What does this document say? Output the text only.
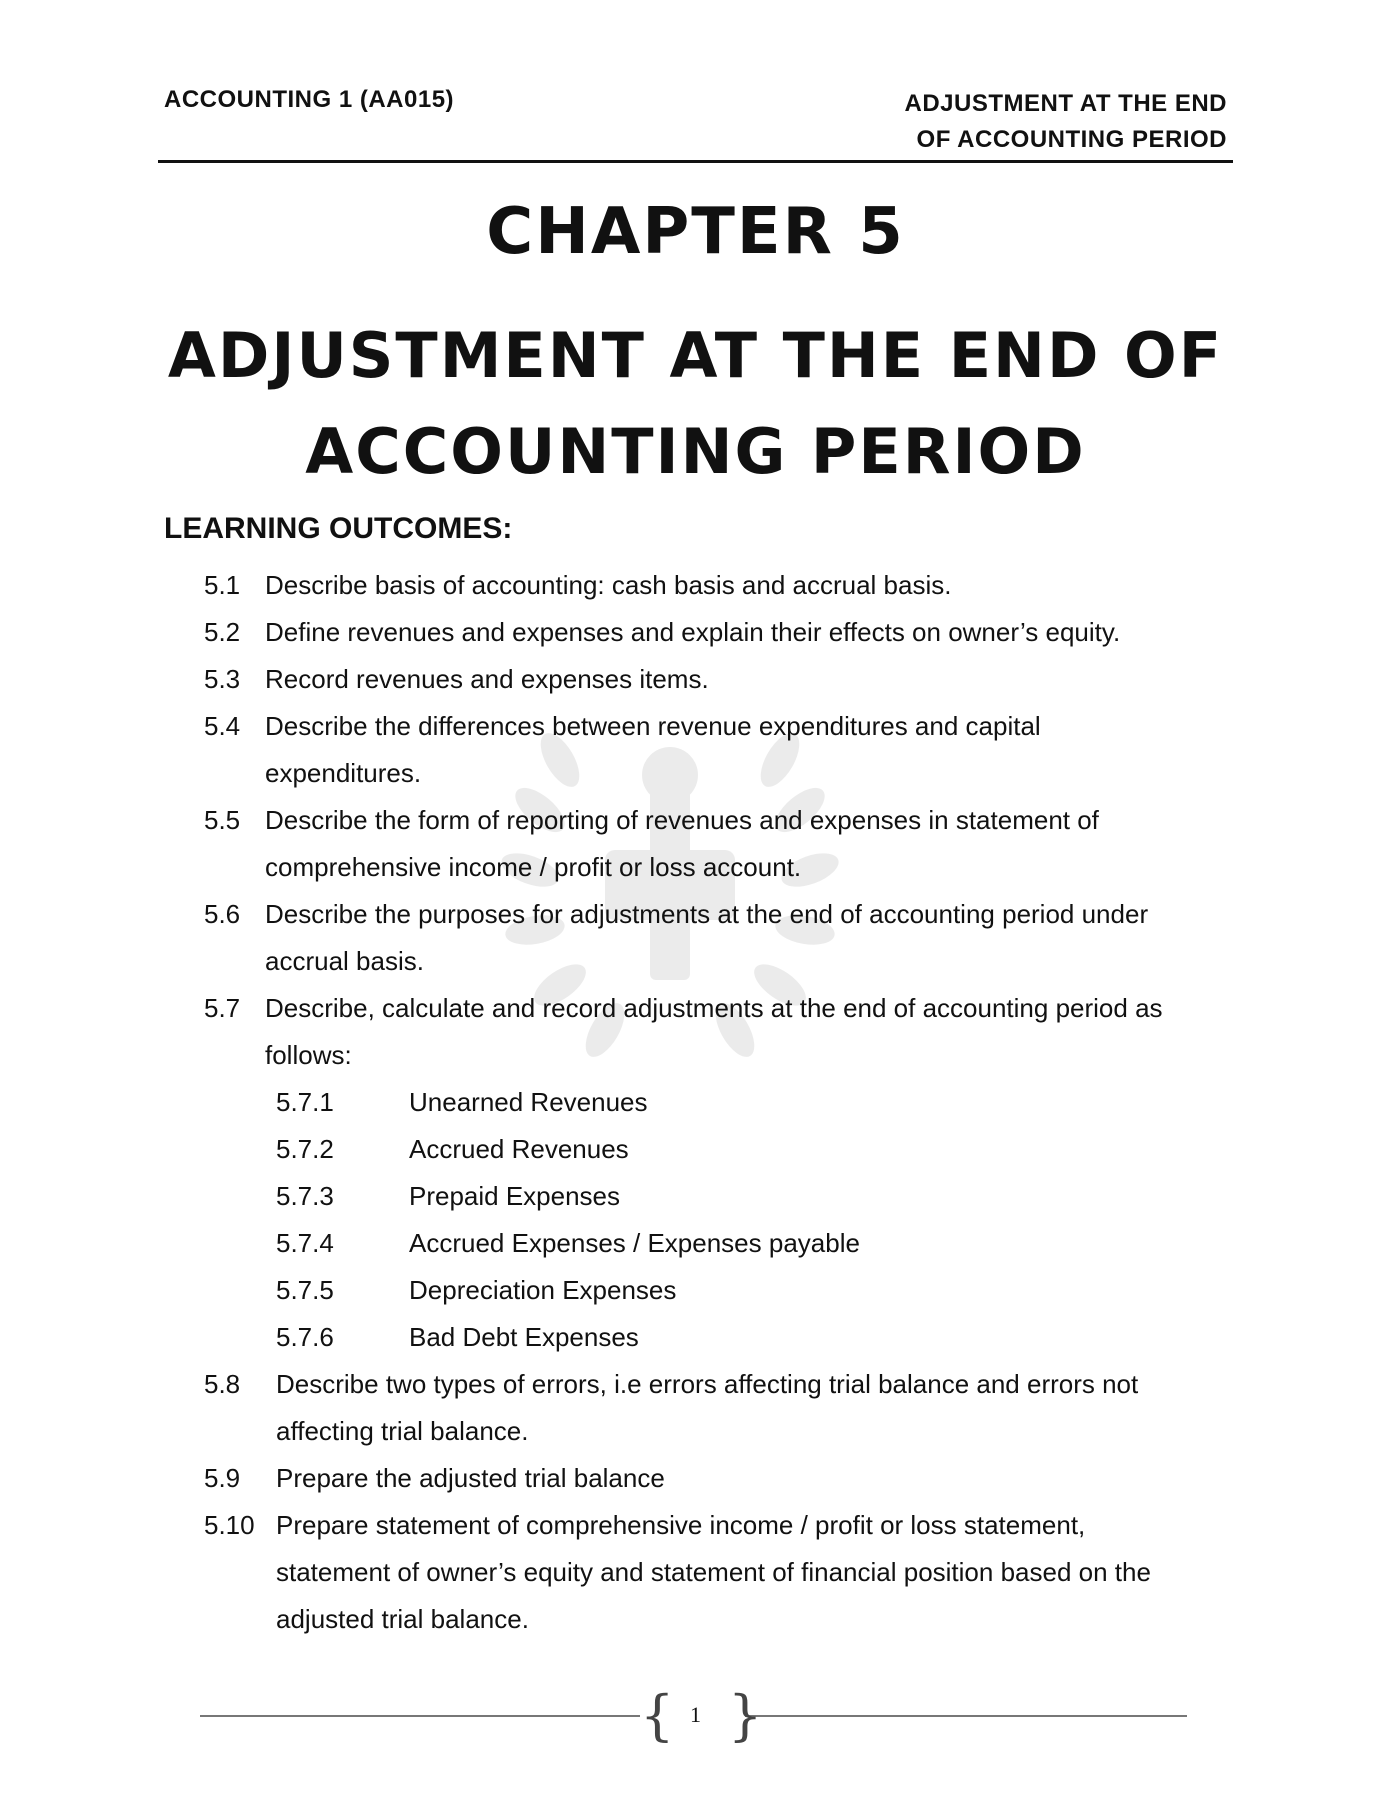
ACCOUNTING 1 (AA015)	ADJUSTMENT AT THE END
OF ACCOUNTING PERIOD
CHAPTER 5
ADJUSTMENT AT THE END OF
ACCOUNTING PERIOD
LEARNING OUTCOMES:
5.1 Describe basis of accounting: cash basis and accrual basis.
5.2 Define revenues and expenses and explain their effects on owner’s equity.
5.3 Record revenues and expenses items.
5.4 Describe the differences between revenue expenditures and capital
expenditures.
5.5 Describe the form of reporting of revenues and expenses in statement of
comprehensive income / profit or loss account.
5.6 Describe the purposes for adjustments at the end of accounting period under
accrual basis.
5.7 Describe, calculate and record adjustments at the end of accounting period as
follows:
5.7.1	Unearned Revenues
5.7.2	Accrued Revenues
5.7.3	Prepaid Expenses
5.7.4	Accrued Expenses / Expenses payable
5.7.5	Depreciation Expenses
5.7.6	Bad Debt Expenses
5.8 Describe two types of errors, i.e errors affecting trial balance and errors not
affecting trial balance.
5.9 Prepare the adjusted trial balance
5.10 Prepare statement of comprehensive income / profit or loss statement,
statement of owner’s equity and statement of financial position based on the
adjusted trial balance.
{ }
1
